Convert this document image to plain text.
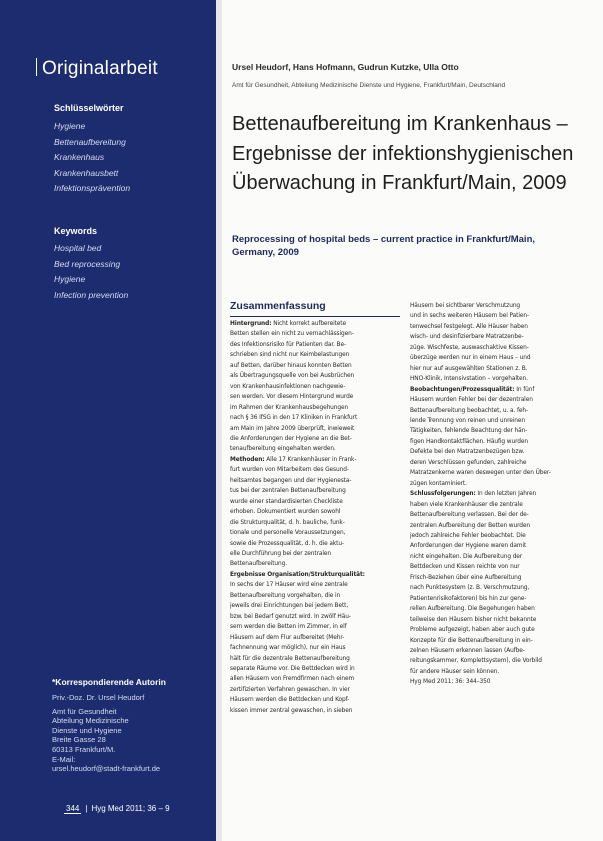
Originalarbeit
Schlüsselwörter
Hygiene
Bettenaufbereitung
Krankenhaus
Krankenhausbett
Infektionsprävention
Keywords
Hospital bed
Bed reprocessing
Hygiene
Infection prevention
*Korrespondierende Autorin
Priv.-Doz. Dr. Ursel Heudorf
Amt für Gesundheit
Abteilung Medizinische
Dienste und Hygiene
Breite Gasse 28
60313 Frankfurt/M.
E-Mail:
ursel.heudorf@stadt-frankfurt.de
344 | Hyg Med 2011; 36 – 9
Ursel Heudorf, Hans Hofmann, Gudrun Kutzke, Ulla Otto
Amt für Gesundheit, Abteilung Medizinische Dienste und Hygiene, Frankfurt/Main, Deutschland
Bettenaufbereitung im Krankenhaus – Ergebnisse der infektionshygienischen Überwachung in Frankfurt/Main, 2009
Reprocessing of hospital beds – current practice in Frankfurt/Main, Germany, 2009
Zusammenfassung
Hintergrund: Nicht korrekt aufbereitete
Betten stellen ein nicht zu vernachlässigen-
des Infektionsrisiko für Patienten dar. Be-
schrieben sind nicht nur Keimbelastungen
auf Betten, darüber hinaus konnten Betten
als Übertragungsquelle von bei Ausbrüchen
von Krankenhausinfektionen nachgewie-
sen werden. Vor diesem Hintergrund wurde
im Rahmen der Krankenhausbegehungen
nach § 36 IfSG in den 17 Kliniken in Frankfurt
am Main im Jahre 2009 überprüft, inwieweit
die Anforderungen der Hygiene an die Bet-
tenaufbereitung eingehalten werden.
Methoden: Alle 17 Krankenhäuser in Frank-
furt wurden von Mitarbeitern des Gesund-
heitsamtes begangen und der Hygienesta-
tus bei der zentralen Bettenaufbereitung
wurde einer standardisierten Checkliste
erhoben. Dokumentiert wurden sowohl
die Strukturqualität, d. h. bauliche, funk-
tionale und personelle Voraussetzungen,
sowie die Prozessqualität, d. h. die aktu-
elle Durchführung bei der zentralen
Bettenaufbereitung.
Ergebnisse Organisation/Strukturqualität:
In sechs der 17 Häuser wird eine zentrale
Bettenaufbereitung vorgehalten, die in
jeweils drei Einrichtungen bei jedem Bett,
bzw. bei Bedarf genutzt wird. In zwölf Häu-
sern werden die Betten im Zimmer, in elf
Häusern auf dem Flur aufbereitet (Mehr-
fachnennung war möglich), nur ein Haus
hält für die dezentrale Bettenaufbereitung
separate Räume vor. Die Bettdecken wird in
allen Häusern von Fremdfirmen nach einem
zertifizierten Verfahren gewaschen. In vier
Häusern werden die Bettdecken und Kopf-
kissen immer zentral gewaschen, in sieben
Häusern bei sichtbarer Verschmutzung
und in sechs weiteren Häusern bei Patien-
tenwechsel festgelegt. Alle Häuser haben
wisch- und desinfizierbare Matratzenbe-
züge. Wischfeste, auswaschaktive Kissen-
überzüge werden nur in einem Haus – und
hier nur auf ausgewählten Stationen z. B.
HNO-Klinik, Intensivstation – vorgehalten.
Beobachtungen/Prozessqualität: In fünf
Häusern wurden Fehler bei der dezentralen
Bettenaufbereitung beobachtet, u. a. feh-
lende Trennung von reinen und unreinen
Tätigkeiten, fehlende Beachtung der hän-
figen Handkontaktflächen. Häufig wurden
Defekte bei den Matratzenbezügen bzw.
deren Verschlüssen gefunden, zahlreiche
Matratzenkerne waren deswegen unter den Über-
zügen kontaminiert.
Schlussfolgerungen: In den letzten Jahren
haben viele Krankenhäuser die zentrale
Bettenaufbereitung verlassen. Bei der de-
zentralen Aufbereitung der Betten wurden
jedoch zahlreiche Fehler beobachtet. Die
Anforderungen der Hygiene waren damit
nicht eingehalten. Die Aufbereitung der
Bettdecken und Kissen reichte von nur
Frisch-Beziehen über eine Aufbereitung
nach Punktesystem (z. B. Verschmutzung,
Patientenrisikofaktoren) bis hin zur gene-
rellen Aufbereitung. Die Begehungen haben
teilweise den Häusern bisher nicht bekannte
Probleme aufgezeigt, haben aber auch gute
Konzepte für die Bettenaufbereitung in ein-
zelnen Häusern erkennen lassen (Aufbe-
reitungskammer, Komplettsystem), die Vorbild
für andere Häuser sein können.
Hyg Med 2011; 36: 344–350
